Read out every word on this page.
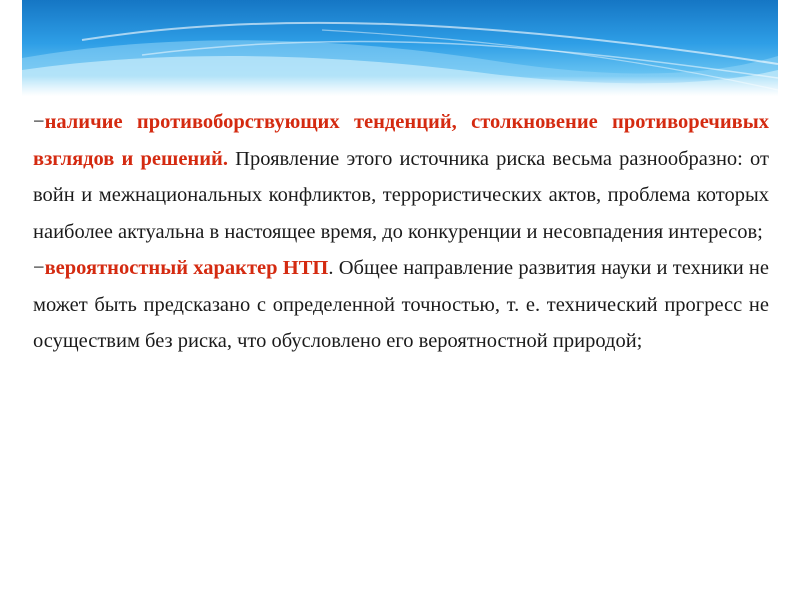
−наличие противоборствующих тенденций, столкновение противоречивых взглядов и решений. Проявление этого источника риска весьма разнообразно: от войн и межнациональных конфликтов, террористических актов, проблема которых наиболее актуальна в настоящее время, до конкуренции и несовпадения интересов;

−вероятностный характер НТП. Общее направление развития науки и техники не может быть предсказано с определенной точностью, т. е. технический прогресс не осуществим без риска, что обусловлено его вероятностной природой;
